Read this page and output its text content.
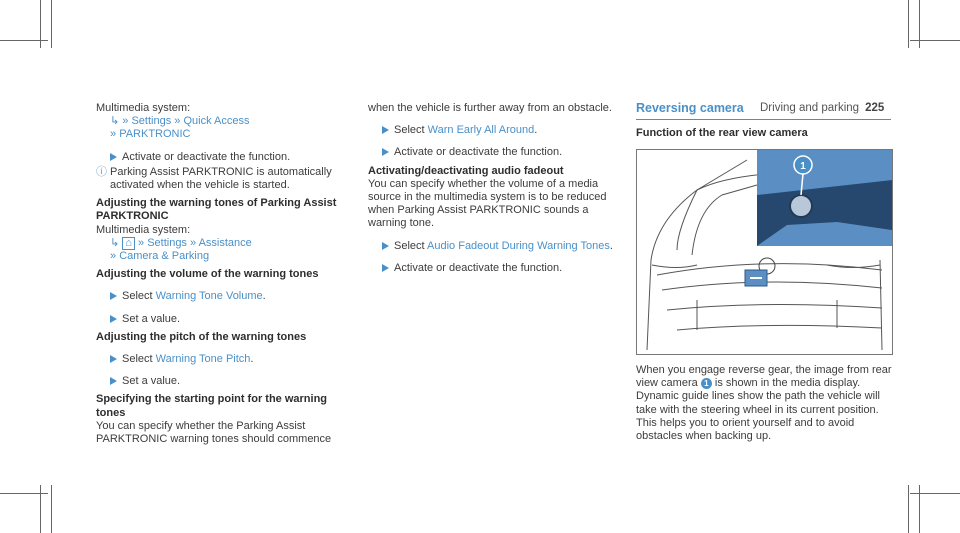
Driving and parking 225

Multimedia system:

↳ » Settings » Quick Access

» PARKTRONIC

Activate or deactivate the function.

ⓘ Parking Assist PARKTRONIC is automatically activated when the vehicle is started.

Adjusting the warning tones of Parking Assist PARKTRONIC

Multimedia system:

↳ ⌂ » Settings » Assistance

» Camera & Parking

Adjusting the volume of the warning tones

Select Warning Tone Volume.

Set a value.

Adjusting the pitch of the warning tones

Select Warning Tone Pitch.

Set a value.

Specifying the starting point for the warning tones

You can specify whether the Parking Assist PARKTRONIC warning tones should commence

when the vehicle is further away from an obstacle.

Select Warn Early All Around.

Activate or deactivate the function.

Activating/deactivating audio fadeout

You can specify whether the volume of a media source in the multimedia system is to be reduced when Parking Assist PARKTRONIC sounds a warning tone.

Select Audio Fadeout During Warning Tones.

Activate or deactivate the function.

Reversing camera

Function of the rear view camera

1

When you engage reverse gear, the image from rear view camera 1 is shown in the media display. Dynamic guide lines show the path the vehicle will take with the steering wheel in its current position. This helps you to orient yourself and to avoid obstacles when backing up.
